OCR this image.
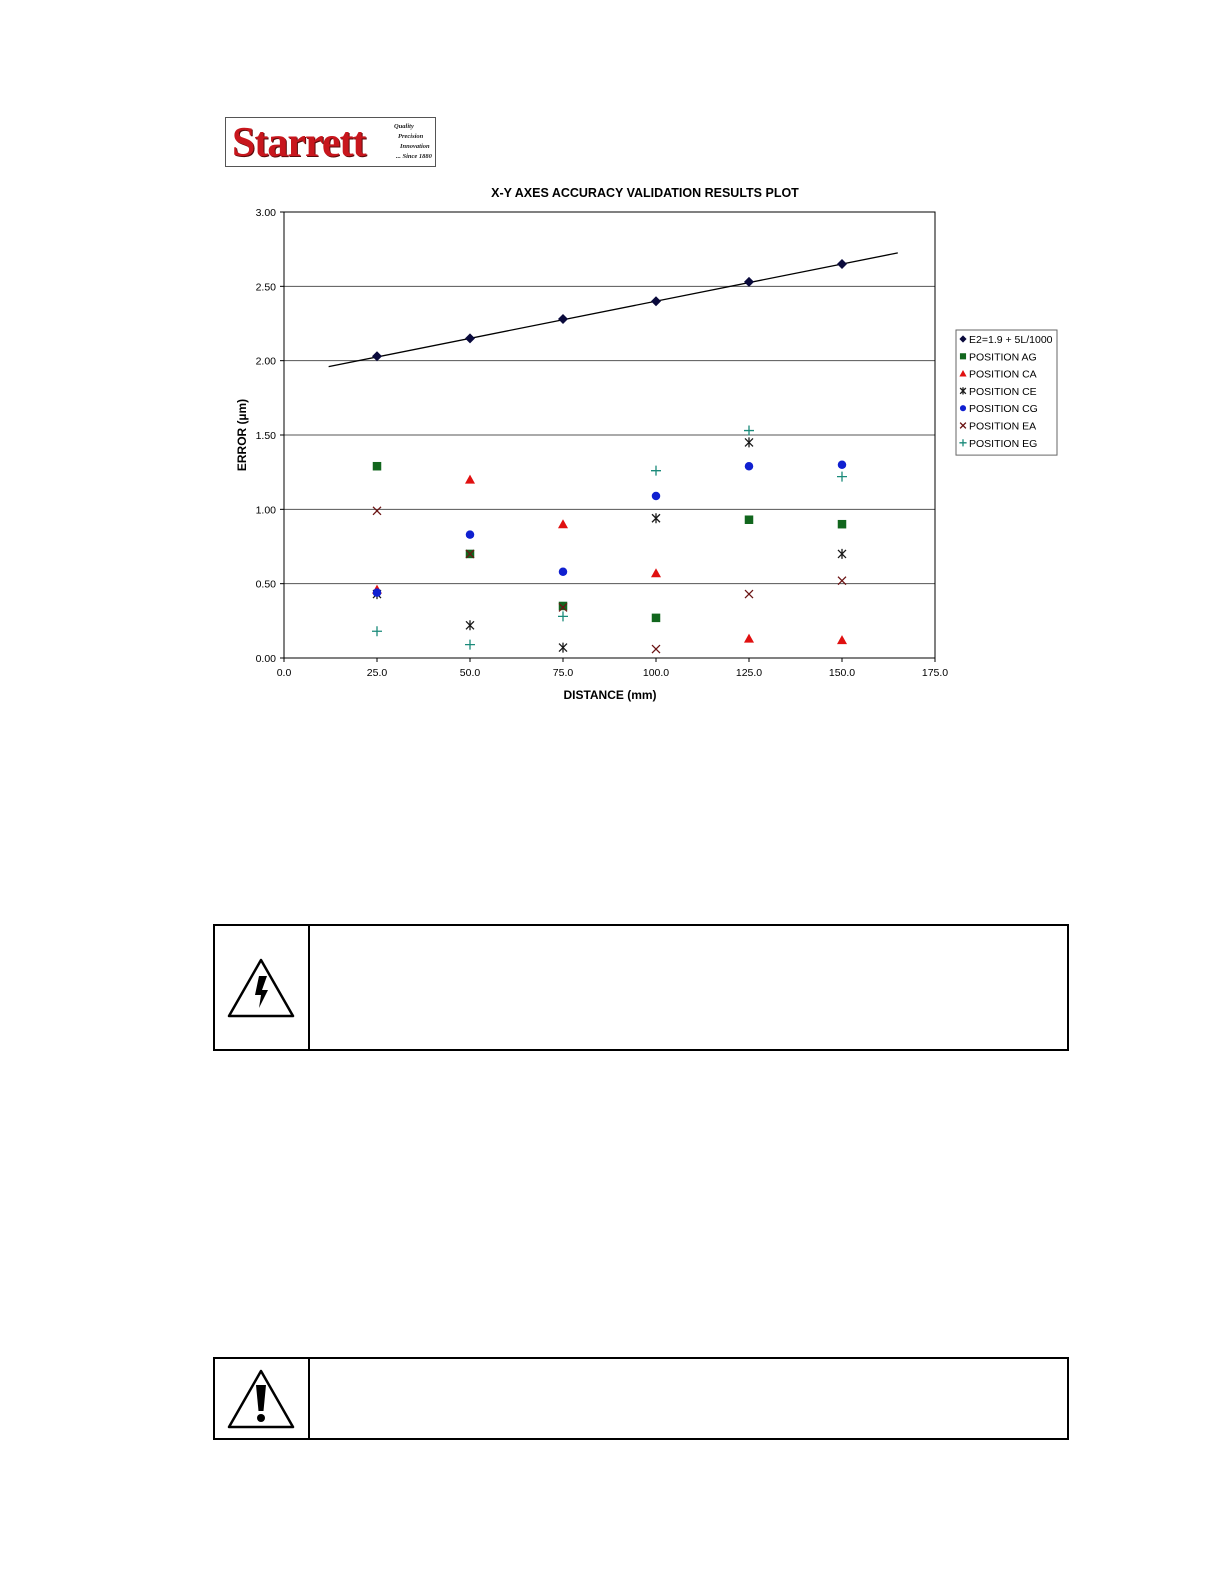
Starrett	Quality
Precision
Innovation
... Since 1880
X-Y AXES ACCURACY VALIDATION RESULTS PLOT
DISTANCE (mm)
ERROR (µm)
0.00
0.50
1.00
1.50
2.00
2.50
3.00
0.0	25.0	50.0	75.0	100.0	125.0	150.0	175.0
E2=1.9 + 5L/1000
POSITION AG
POSITION CA
POSITION CE
POSITION CG
POSITION EA
POSITION EG
